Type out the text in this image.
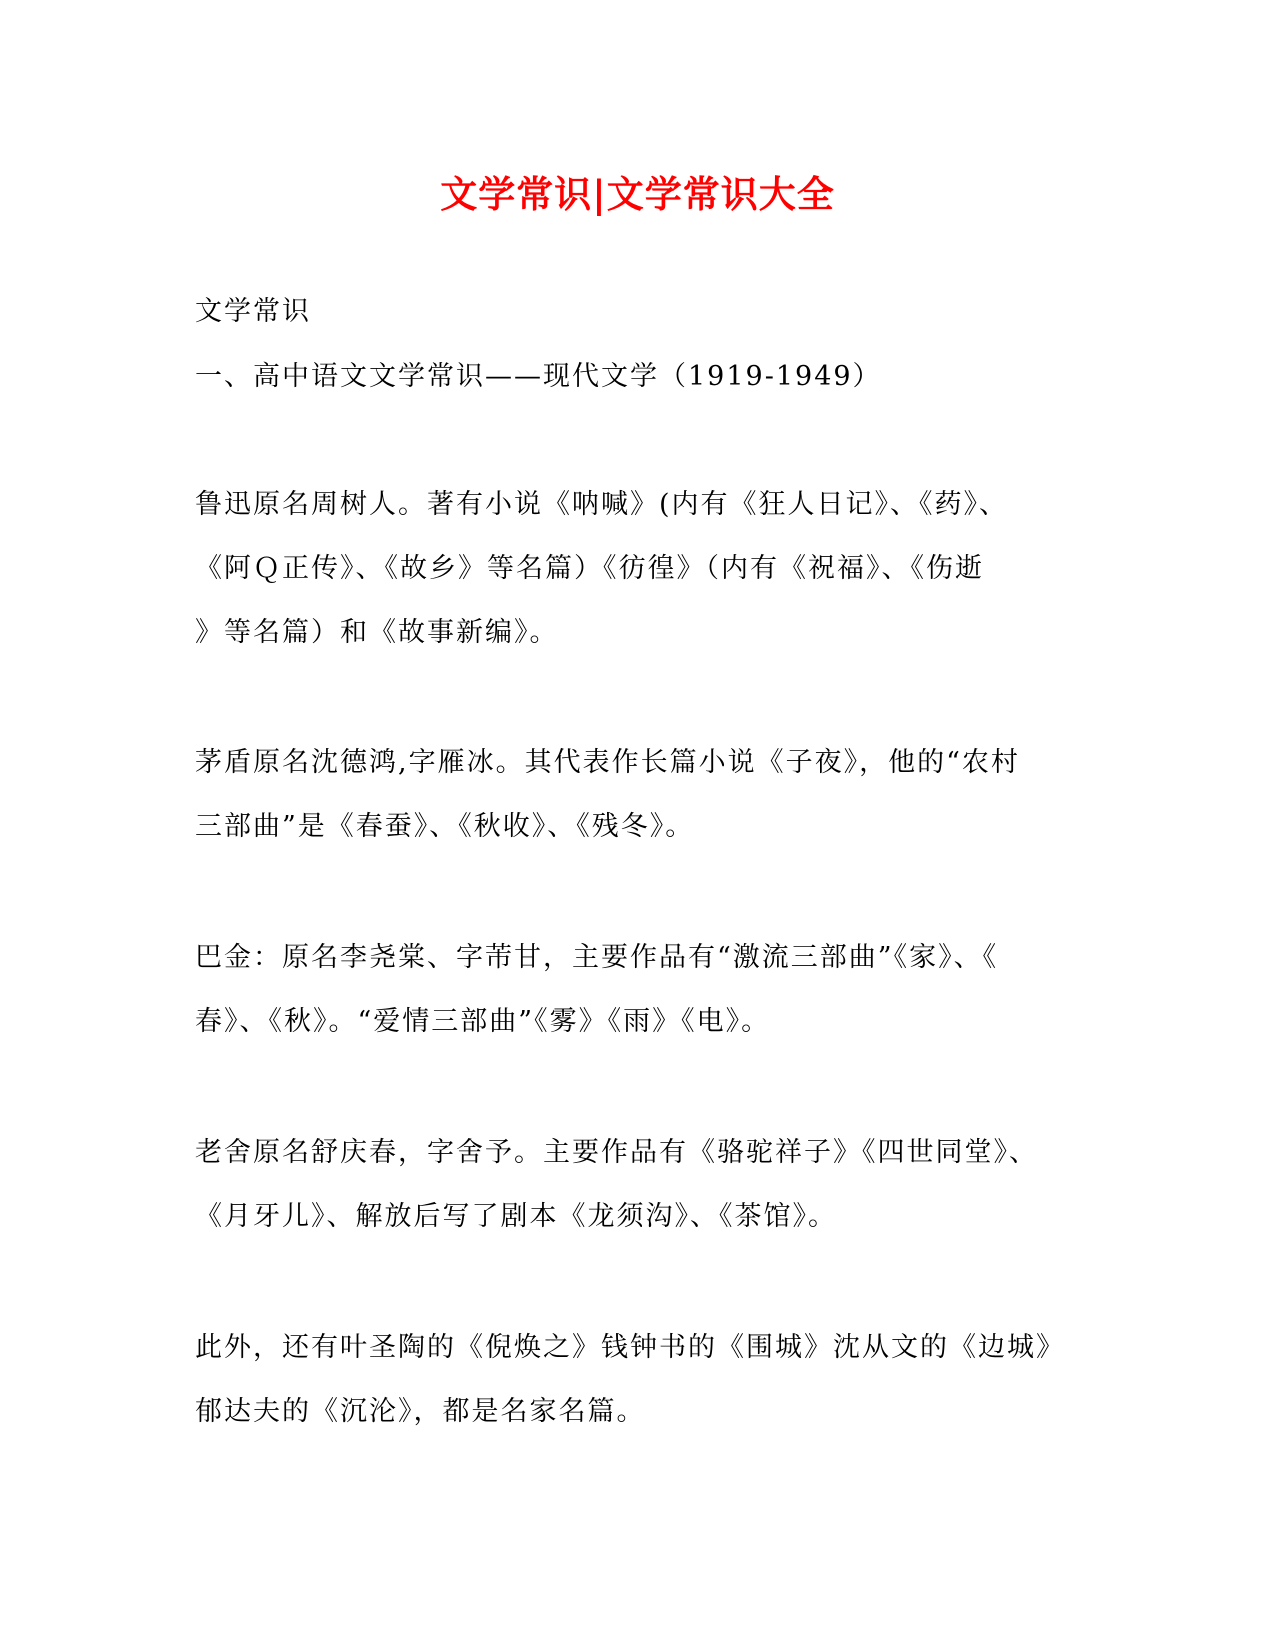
文学常识|文学常识大全

文学常识

一、高中语文文学常识——现代文学（1919-1949）

鲁迅原名周树人。著有小说《呐喊》(内有《狂人日记》、《药》、
《阿Ｑ正传》、《故乡》等名篇）《彷徨》（内有《祝福》、《伤逝
》等名篇）和《故事新编》。

茅盾原名沈德鸿,字雁冰。其代表作长篇小说《子夜》，他的“农村
三部曲”是《春蚕》、《秋收》、《残冬》。

巴金：原名李尧棠、字芾甘，主要作品有“激流三部曲”《家》、《
春》、《秋》。“爱情三部曲”《雾》《雨》《电》。

老舍原名舒庆春，字舍予。主要作品有《骆驼祥子》《四世同堂》、
《月牙儿》、解放后写了剧本《龙须沟》、《茶馆》。

此外，还有叶圣陶的《倪焕之》钱钟书的《围城》沈从文的《边城》
郁达夫的《沉沦》，都是名家名篇。
